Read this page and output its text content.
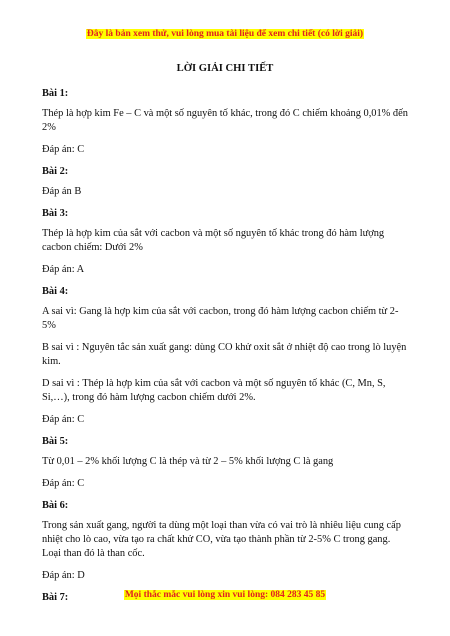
Đây là bản xem thử, vui lòng mua tài liệu để xem chi tiết (có lời giải)
LỜI GIẢI CHI TIẾT
Bài 1:
Thép là hợp kim Fe – C và một số nguyên tố khác, trong đó C chiếm khoảng 0,01% đến 2%
Đáp án: C
Bài 2:
Đáp án B
Bài 3:
Thép là hợp kim của sắt với cacbon và một số nguyên tố khác trong đó hàm lượng cacbon chiếm: Dưới 2%
Đáp án: A
Bài 4:
A sai vì: Gang là hợp kim của sắt với cacbon, trong đó hàm lượng cacbon chiếm từ 2-5%
B sai vì : Nguyên tắc sản xuất gang: dùng CO khử oxit sắt ở nhiệt độ cao trong lò luyện kim.
D sai vì : Thép là hợp kim của sắt với cacbon và một số nguyên tố khác (C, Mn, S, Si,…), trong đó hàm lượng cacbon chiếm dưới 2%.
Đáp án: C
Bài 5:
Từ 0,01 – 2% khối lượng C là thép và từ 2 – 5% khối lượng C là gang
Đáp án: C
Bài 6:
Trong sản xuất gang, người ta dùng một loại than vừa có vai trò là nhiêu liệu cung cấp nhiệt cho lò cao, vừa tạo ra chất khử CO, vừa tạo thành phần từ 2-5% C trong gang. Loại than đó là than cốc.
Đáp án: D
Bài 7:	Mọi thắc mắc vui lòng xin vui lòng: 084 283 45 85
